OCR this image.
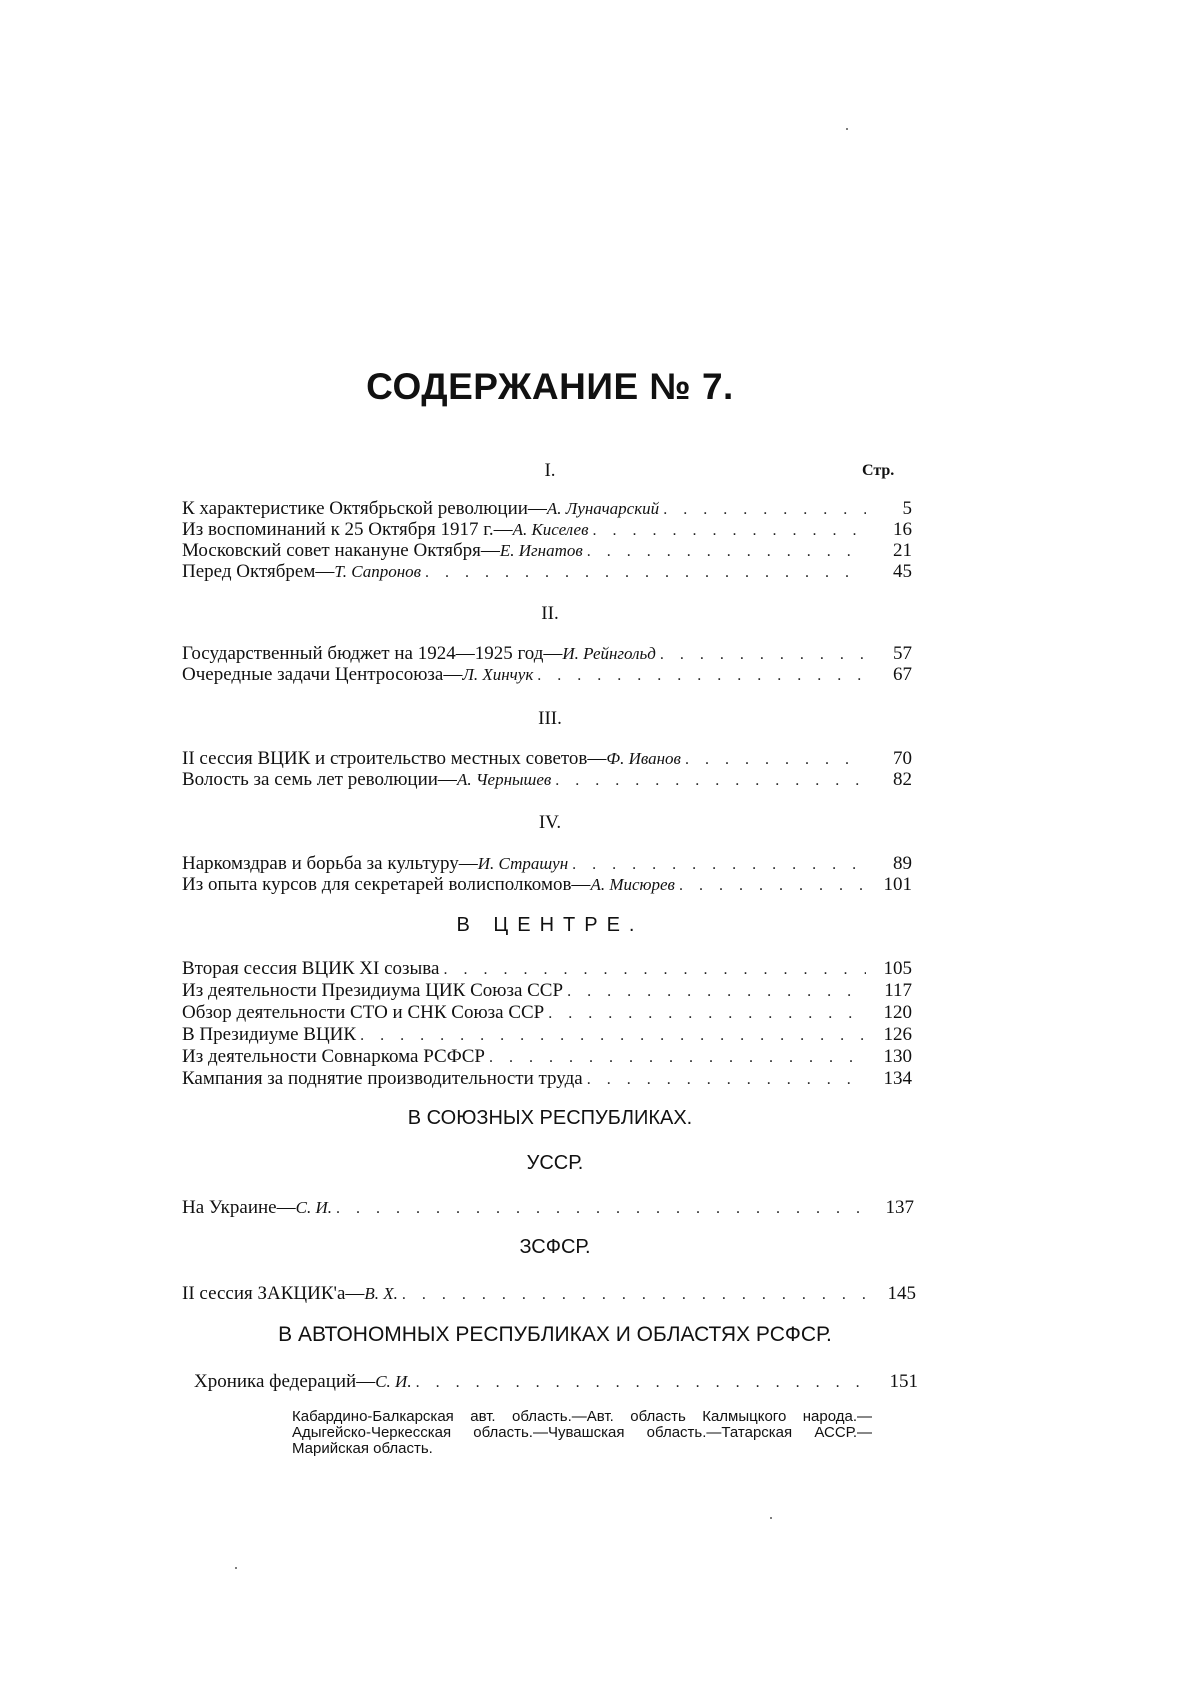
СОДЕРЖАНИЕ № 7.
Стр.
I.
К характеристике Октябрьской революции— А. Луначарский . . .	5
Из воспоминаний к 25 Октября 1917 г.— А. Киселев . . .	16
Московский совет накануне Октября— Е. Игнатов . . .	21
Перед Октябрем— Т. Сапронов . . .	45
II.
Государственный бюджет на 1924—1925 год— И. Рейнгольд . . .	57
Очередные задачи Центросоюза— Л. Хинчук . . .	67
III.
II сессия ВЦИК и строительство местных советов— Ф. Иванов . . .	70
Волость за семь лет революции— А. Чернышев . . .	82
IV.
Наркомздрав и борьба за культуру— И. Страшун . . .	89
Из опыта курсов для секретарей волисполкомов— А. Мисюрев . . .	101
В ЦЕНТРЕ.
Вторая сессия ВЦИК XI созыва . . .	105
Из деятельности Президиума ЦИК Союза ССР . . .	117
Обзор деятельности СТО и СНК Союза ССР . . .	120
В Президиуме ВЦИК . . .	126
Из деятельности Совнаркома РСФСР . . .	130
Кампания за поднятие производительности труда . . .	134
В СОЮЗНЫХ РЕСПУБЛИКАХ.
УССР.
На Украине— С. И. . . .	137
ЗСФСР.
II сессия ЗАКЦИК'а— В. Х. . . .	145
В АВТОНОМНЫХ РЕСПУБЛИКАХ И ОБЛАСТЯХ РСФСР.
Хроника федераций— С. И. . . .	151

Кабардино-Балкарская авт. область.—Авт. область Калмыцкого народа.—Адыгейско-Черкесская область.—Чувашская область.—Татарская АССР.—Марийская область.
